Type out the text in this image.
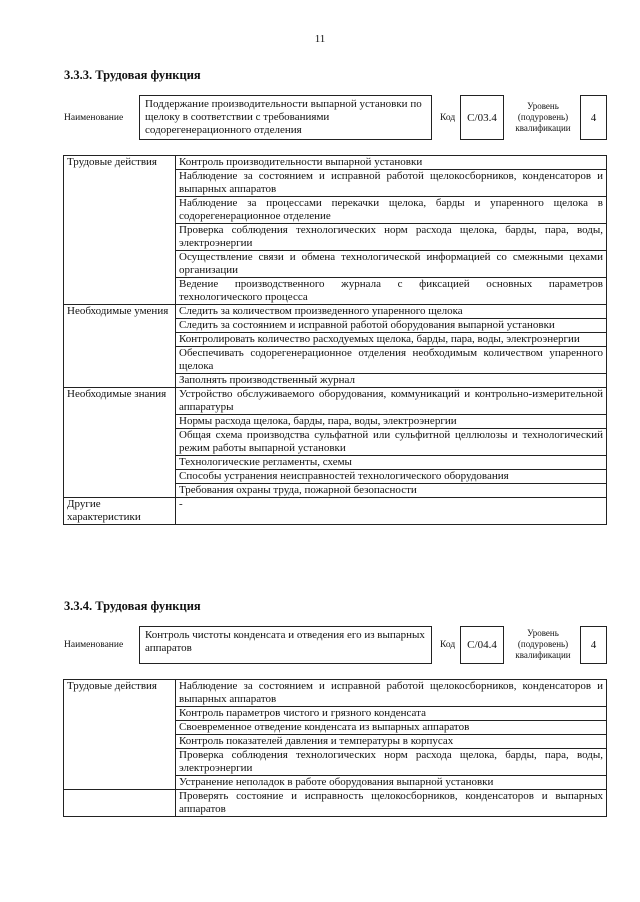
11
3.3.3. Трудовая функция
Наименование
Поддержание производительности выпарной установки по щелоку в соответствии с требованиями содорегенерационного отделения
Код	C/03.4
Уровень
(подуровень)
квалификации
4
Трудовые действия	Контроль производительности выпарной установки
	Наблюдение за состоянием и исправной работой щелокосборников, конденсаторов и выпарных аппаратов
	Наблюдение за процессами перекачки щелока, барды и упаренного щелока в содорегенерационное отделение
	Проверка соблюдения технологических норм расхода щелока, барды, пара, воды, электроэнергии
	Осуществление связи и обмена технологической информацией со смежными цехами организации
	Ведение производственного журнала с фиксацией основных параметров технологического процесса
Необходимые умения	Следить за количеством произведенного упаренного щелока
	Следить за состоянием и исправной работой оборудования выпарной установки
	Контролировать количество расходуемых щелока, барды, пара, воды, электроэнергии
	Обеспечивать содорегенерационное отделения необходимым количеством упаренного щелока
	Заполнять производственный журнал
Необходимые знания	Устройство обслуживаемого оборудования, коммуникаций и контрольно-измерительной аппаратуры
	Нормы расхода щелока, барды, пара, воды, электроэнергии
	Общая схема производства сульфатной или сульфитной целлюлозы и технологический режим работы выпарной установки
	Технологические регламенты, схемы
	Способы устранения неисправностей технологического оборудования
	Требования охраны труда, пожарной безопасности
Другие характеристики	-
3.3.4. Трудовая функция
Наименование
Контроль чистоты конденсата и отведения его из выпарных аппаратов	Код	C/04.4
Уровень
(подуровень)
квалификации
4
Трудовые действия	Наблюдение за состоянием и исправной работой щелокосборников, конденсаторов и выпарных аппаратов
	Контроль параметров чистого и грязного конденсата
	Своевременное отведение конденсата из выпарных аппаратов
	Контроль показателей давления и температуры в корпусах
	Проверка соблюдения технологических норм расхода щелока, барды, пара, воды, электроэнергии
	Устранение неполадок в работе оборудования выпарной установки
	Проверять состояние и исправность щелокосборников, конденсаторов и выпарных аппаратов
